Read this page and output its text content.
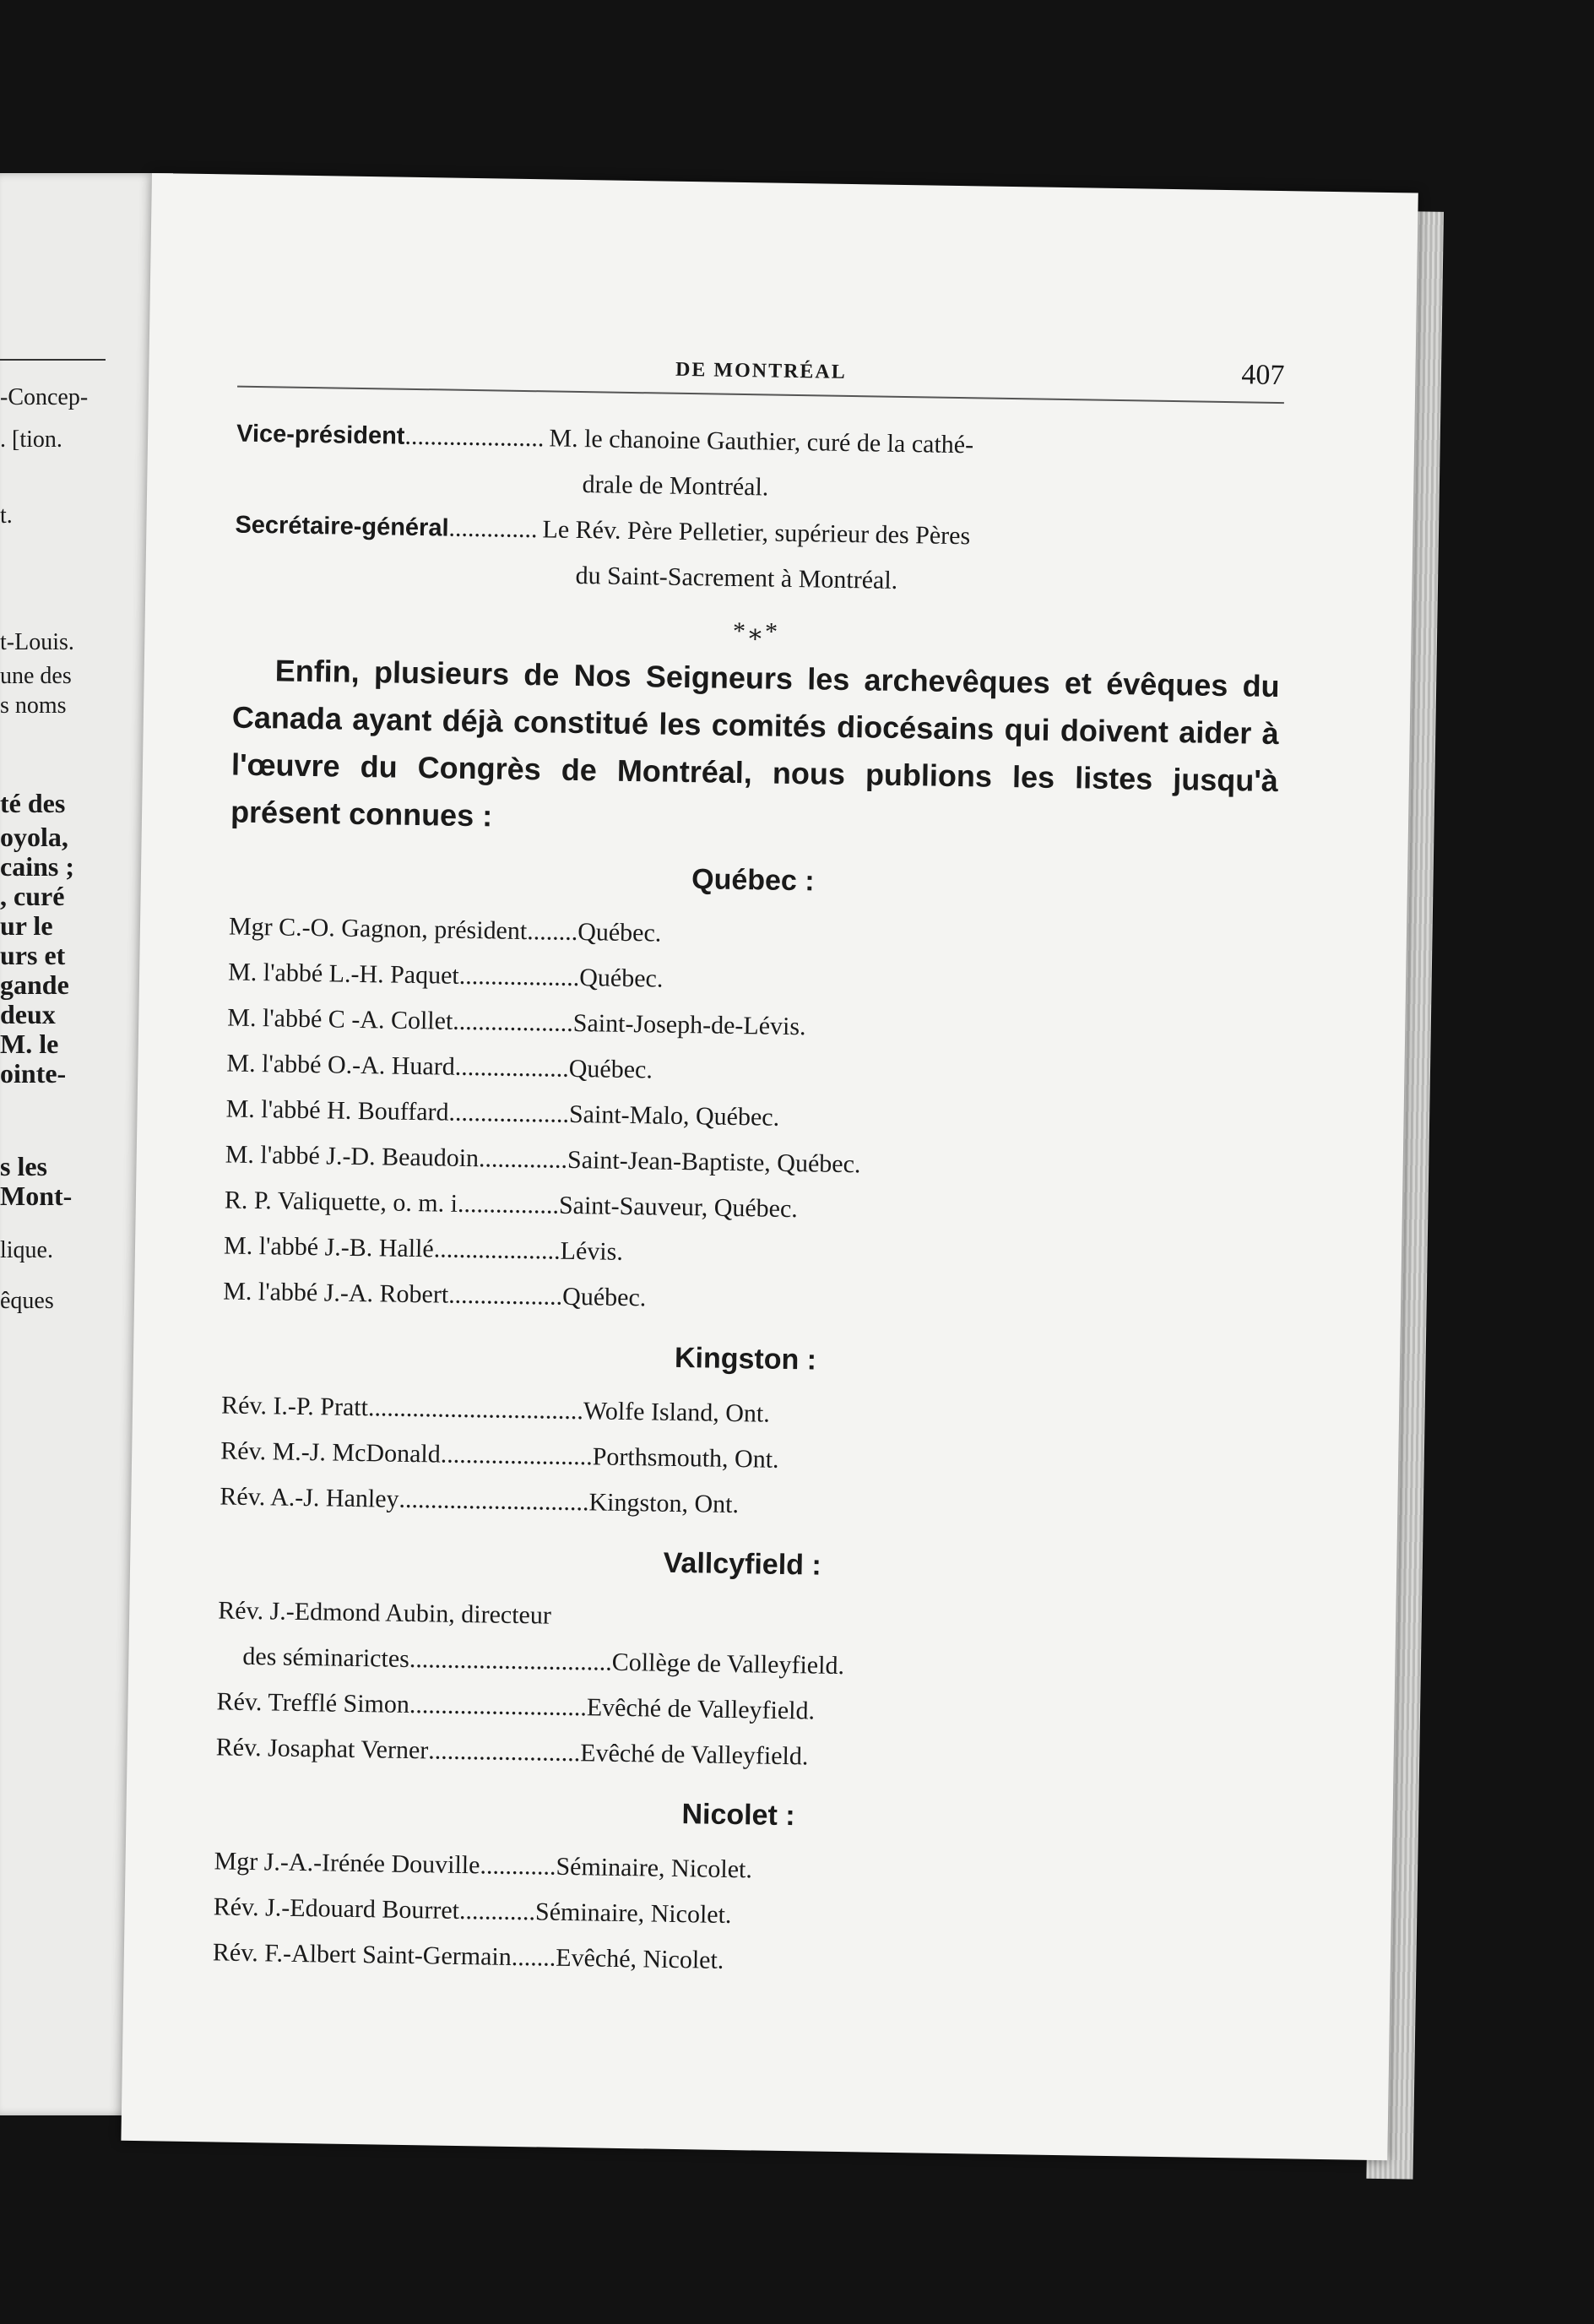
-Concep-
. [tion.
t.
t-Louis.
une des
s noms
té des
oyola,
cains ;
, curé
ur le
urs et
gande
deux
M. le
ointe-
s les
Mont-
lique.
êques
DE MONTRÉAL	407
Vice-président ...................... M. le chanoine Gauthier, curé de la cathé-
drale de Montréal.
Secrétaire-général .............. Le Rév. Père Pelletier, supérieur des Pères
du Saint-Sacrement à Montréal.
*⁎*

Enfin, plusieurs de Nos Seigneurs les archevêques et évêques du Canada ayant déjà constitué les comités diocésains qui doivent aider à l'œuvre du Congrès de Montréal, nous publions les listes jusqu'à présent connues :

Québec :
Mgr C.-O. Gagnon, président ........ Québec.
M. l'abbé L.-H. Paquet ................... Québec.
M. l'abbé C -A. Collet ................... Saint-Joseph-de-Lévis.
M. l'abbé O.-A. Huard .................. Québec.
M. l'abbé H. Bouffard ................... Saint-Malo, Québec.
M. l'abbé J.-D. Beaudoin .............. Saint-Jean-Baptiste, Québec.
R. P. Valiquette, o. m. i ................ Saint-Sauveur, Québec.
M. l'abbé J.-B. Hallé .................... Lévis.
M. l'abbé J.-A. Robert .................. Québec.
Kingston :
Rév. I.-P. Pratt .................................. Wolfe Island, Ont.
Rév. M.-J. McDonald ........................ Porthsmouth, Ont.
Rév. A.-J. Hanley .............................. Kingston, Ont.
Vallcyfield :
Rév. J.-Edmond Aubin, directeur
des séminarictes ................................ Collège de Valleyfield.
Rév. Trefflé Simon ............................ Evêché de Valleyfield.
Rév. Josaphat Verner ........................ Evêché de Valleyfield.
Nicolet :
Mgr J.-A.-Irénée Douville ............ Séminaire, Nicolet.
Rév. J.-Edouard Bourret ............ Séminaire, Nicolet.
Rév. F.-Albert Saint-Germain ....... Evêché, Nicolet.
